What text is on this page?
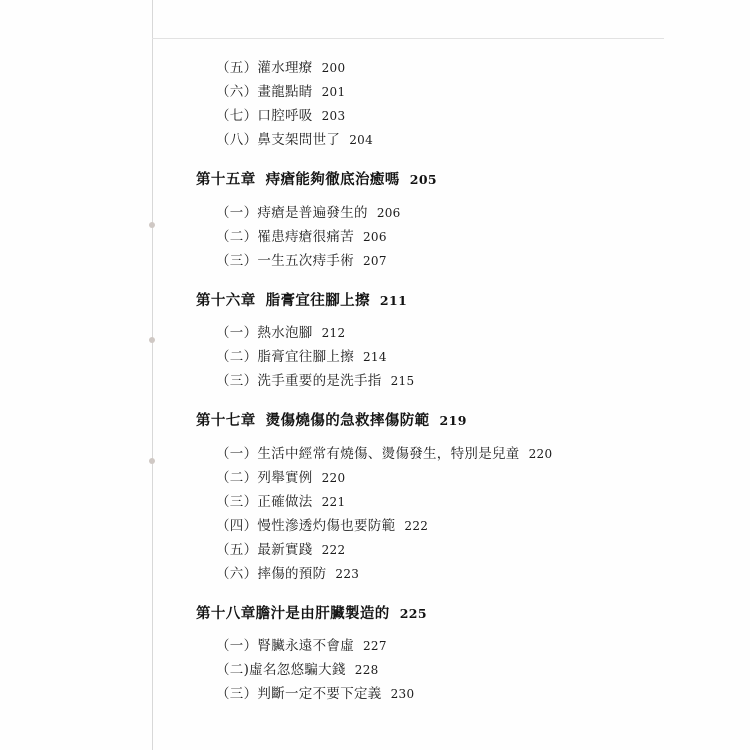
（五）灌水理療 200
（六）畫龍點睛 201
（七）口腔呼吸 203
（八）鼻支架問世了 204
第十五章 痔瘡能夠徹底治癒嗎 205
（一）痔瘡是普遍發生的 206
（二）罹患痔瘡很痛苦 206
（三）一生五次痔手術 207
第十六章 脂膏宜往腳上擦 211
（一）熱水泡腳 212
（二）脂膏宜往腳上擦 214
（三）洗手重要的是洗手指 215
第十七章 燙傷燒傷的急救摔傷防範 219
（一）生活中經常有燒傷、燙傷發生，特別是兒童 220
（二）列舉實例 220
（三）正確做法 221
（四）慢性滲透灼傷也要防範 222
（五）最新實踐 222
（六）摔傷的預防 223
第十八章膽汁是由肝臟製造的 225
（一）腎臟永遠不會虛 227
（二)虛名忽悠騙大錢 228
（三）判斷一定不要下定義 230
